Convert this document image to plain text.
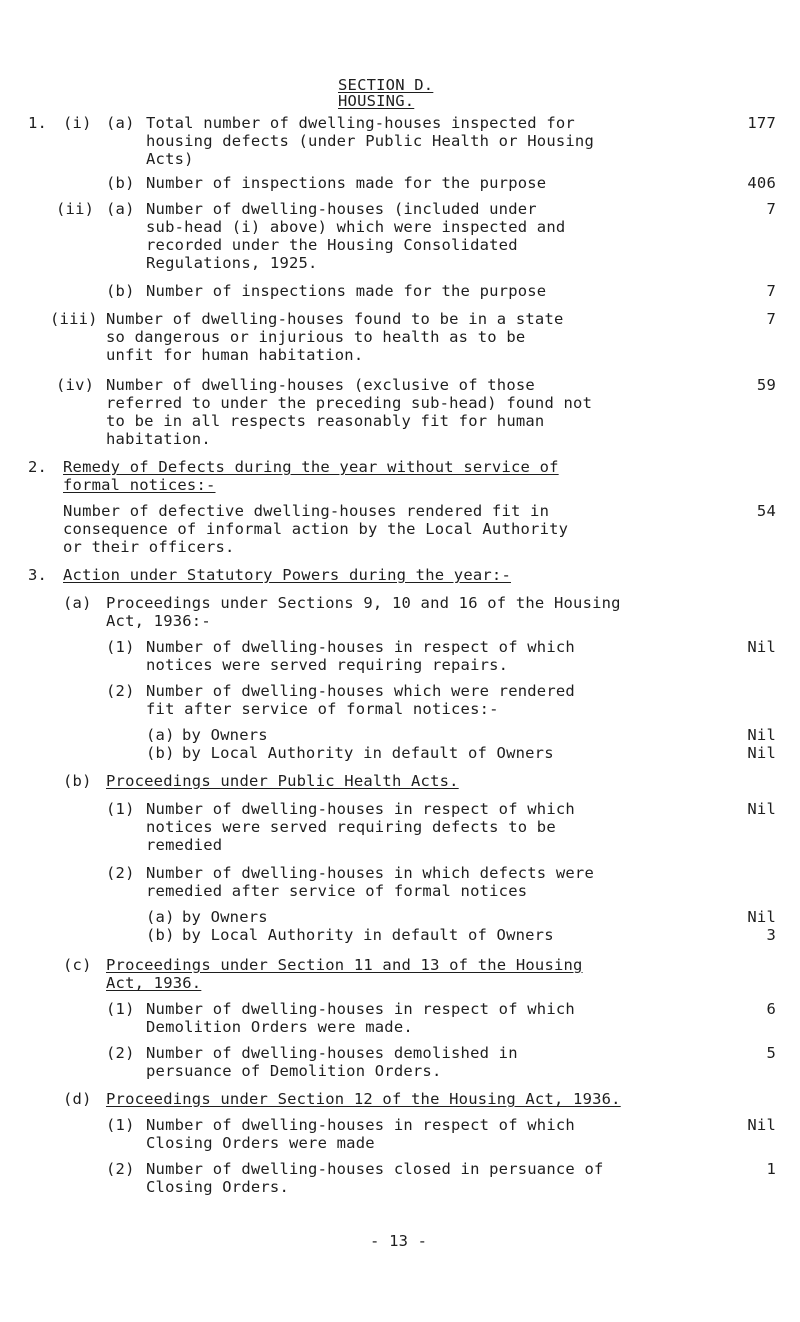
SECTION D.
HOUSING.
1. (i) (a) Total number of dwelling-houses inspected for
housing defects (under Public Health or Housing
Acts)
177
(b) Number of inspections made for the purpose	406
(ii) (a) Number of dwelling-houses (included under
sub-head (i) above) which were inspected and
recorded under the Housing Consolidated
Regulations, 1925.
7
(b) Number of inspections made for the purpose	7
(iii) Number of dwelling-houses found to be in a state
so dangerous or injurious to health as to be
unfit for human habitation.
7
(iv) Number of dwelling-houses (exclusive of those
referred to under the preceding sub-head) found not
to be in all respects reasonably fit for human
habitation.
59
2. Remedy of Defects during the year without service of
formal notices:-
Number of defective dwelling-houses rendered fit in
consequence of informal action by the Local Authority
or their officers.
54
3. Action under Statutory Powers during the year:-
(a) Proceedings under Sections 9, 10 and 16 of the Housing
Act, 1936:-
(1) Number of dwelling-houses in respect of which
notices were served requiring repairs.
Nil
(2) Number of dwelling-houses which were rendered
fit after service of formal notices:-
(a) by Owners	Nil
(b) by Local Authority in default of Owners	Nil
(b) Proceedings under Public Health Acts.
(1) Number of dwelling-houses in respect of which
notices were served requiring defects to be
remedied
Nil
(2) Number of dwelling-houses in which defects were
remedied after service of formal notices
(a) by Owners	Nil
(b) by Local Authority in default of Owners	3
(c) Proceedings under Section 11 and 13 of the Housing
Act, 1936.
(1) Number of dwelling-houses in respect of which
Demolition Orders were made.
6
(2) Number of dwelling-houses demolished in
persuance of Demolition Orders.
5
(d) Proceedings under Section 12 of the Housing Act, 1936.
(1) Number of dwelling-houses in respect of which
Closing Orders were made
Nil
(2) Number of dwelling-houses closed in persuance of
Closing Orders.
1
- 13 -
